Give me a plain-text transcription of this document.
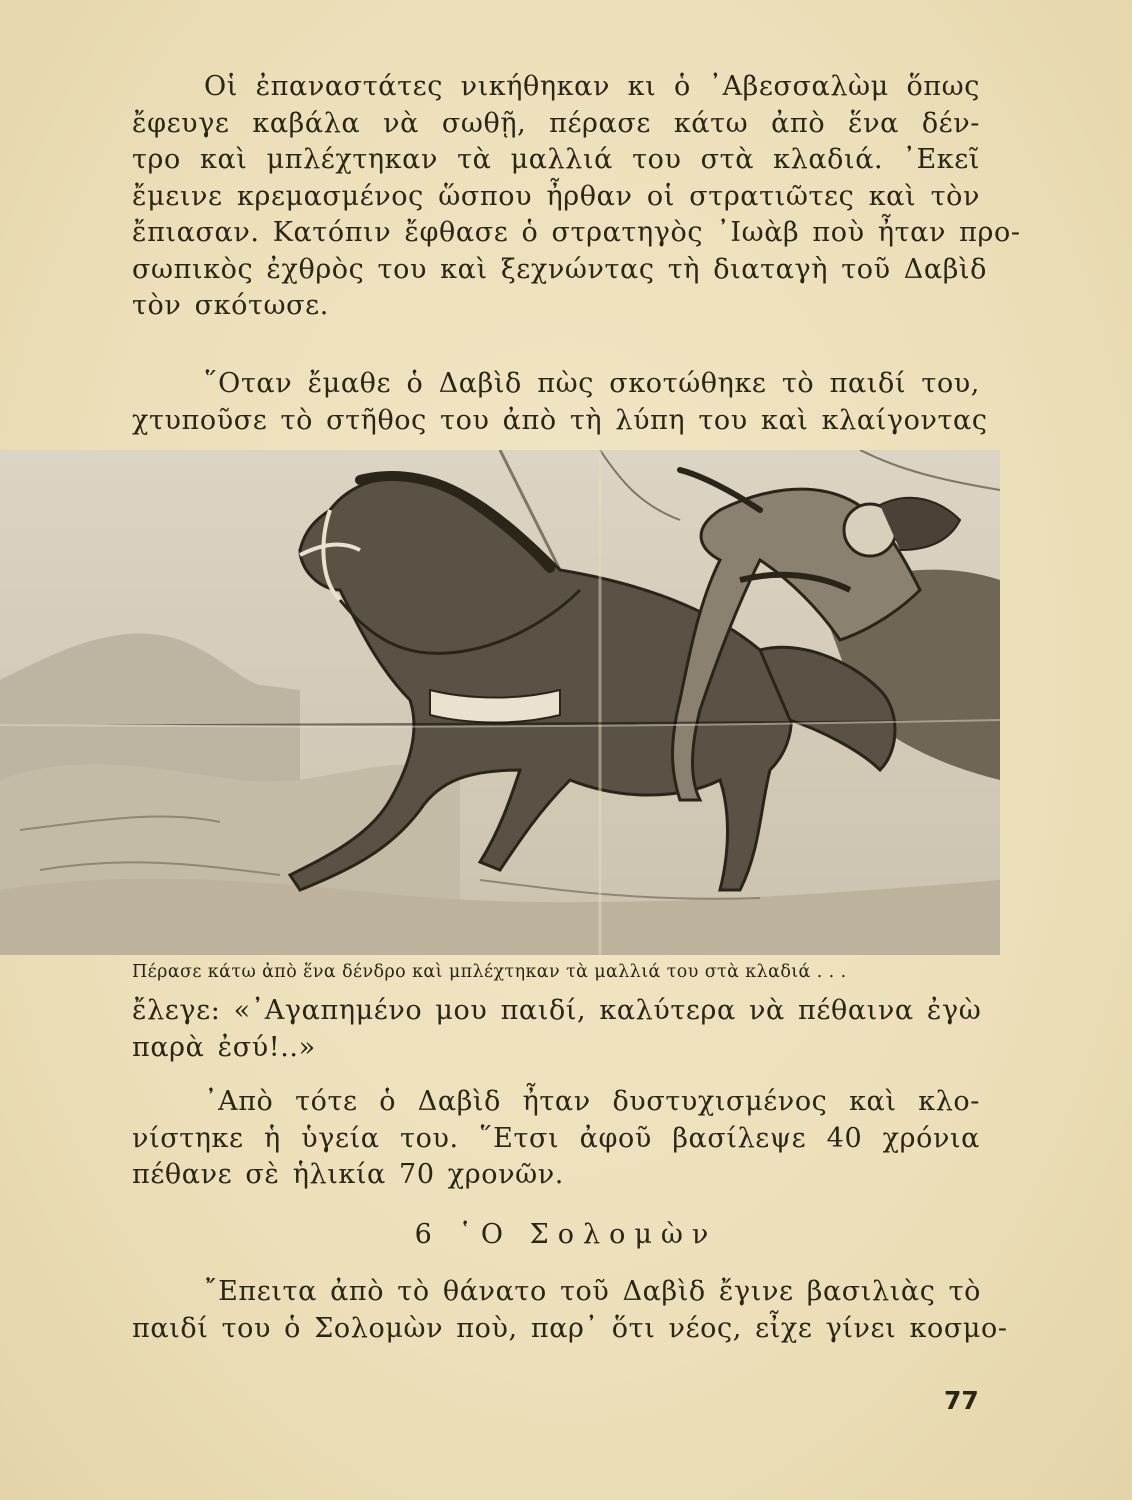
Οἱ ἐπαναστάτες νικήθηκαν κι ὁ ᾿Αβεσσαλὼμ ὅπως
ἔφευγε καβάλα νὰ σωθῇ, πέρασε κάτω ἀπὸ ἕνα δέν-
τρο καὶ μπλέχτηκαν τὰ μαλλιά του στὰ κλαδιά. ᾿Εκεῖ
ἔμεινε κρεμασμένος ὥσπου ἦρθαν οἱ στρατιῶτες καὶ τὸν
ἔπιασαν. Κατόπιν ἔφθασε ὁ στρατηγὸς ᾿Ιωὰβ ποὺ ἦταν προ-
σωπικὸς ἐχθρὸς του καὶ ξεχνώντας τὴ διαταγὴ τοῦ Δαβὶδ
τὸν σκότωσε.
῞Οταν ἔμαθε ὁ Δαβὶδ πὼς σκοτώθηκε τὸ παιδί του,
χτυποῦσε τὸ στῆθος του ἀπὸ τὴ λύπη του καὶ κλαίγοντας
Πέρασε κάτω ἀπὸ ἕνα δένδρο καὶ μπλέχτηκαν τὰ μαλλιά του στὰ κλαδιά . . .
ἔλεγε: «᾿Αγαπημένο μου παιδί, καλύτερα νὰ πέθαινα ἐγὼ
παρὰ ἐσύ!..»
᾿Απὸ τότε ὁ Δαβὶδ ἦταν δυστυχισμένος καὶ κλο-
νίστηκε ἡ ὑγεία του. ῞Ετσι ἀφοῦ βασίλεψε 40 χρόνια
πέθανε σὲ ἡλικία 70 χρονῶν.
6 ῾Ο Σολομὼν
῎Επειτα ἀπὸ τὸ θάνατο τοῦ Δαβὶδ ἔγινε βασιλιὰς τὸ
παιδί του ὁ Σολομὼν ποὺ, παρ᾿ ὅτι νέος, εἶχε γίνει κοσμο-
77
